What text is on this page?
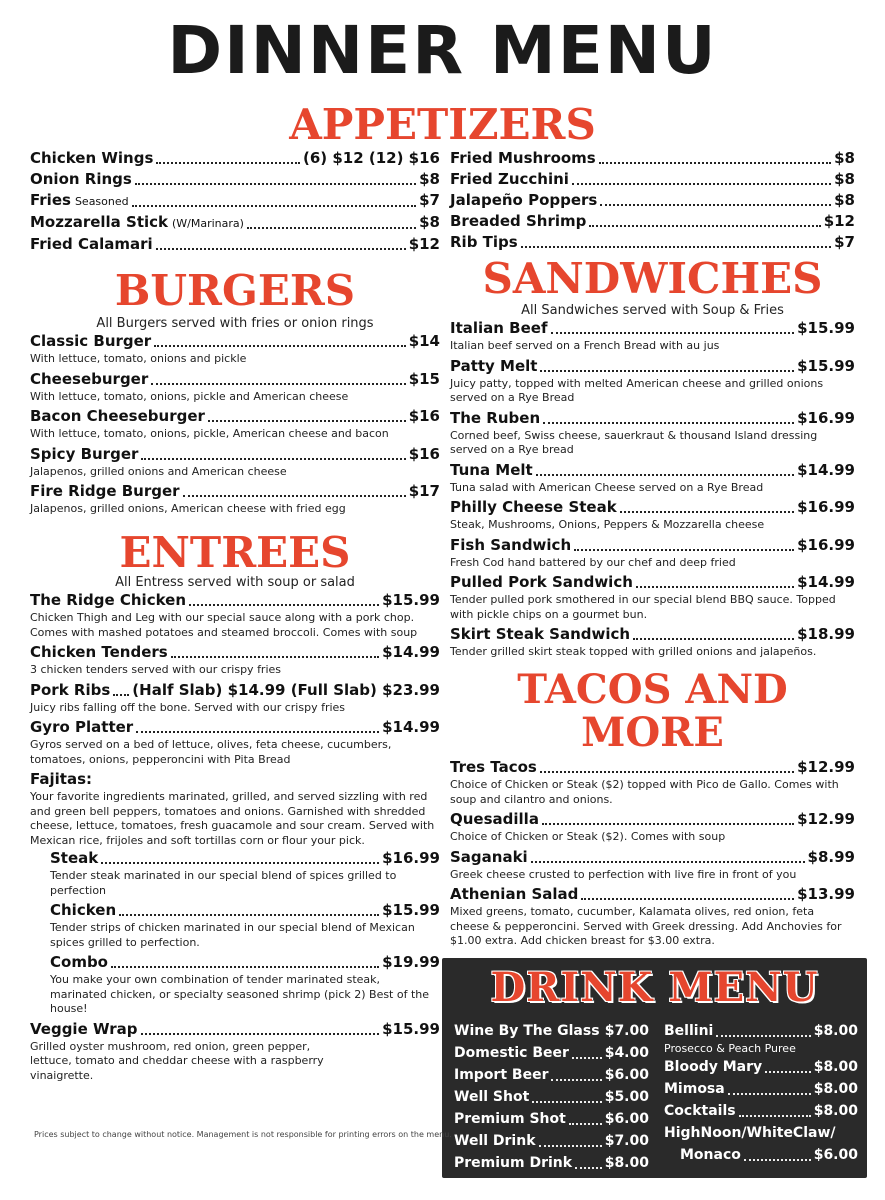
DINNER MENU
APPETIZERS
Chicken Wings	(6) $12 (12) $16
Onion Rings	$8
Fries Seasoned	$7
Mozzarella Stick (W/Marinara)	$8
Fried Calamari	$12
Fried Mushrooms	$8
Fried Zucchini	$8
Jalapeño Poppers	$8
Breaded Shrimp	$12
Rib Tips	$7
BURGERS
All Burgers served with fries or onion rings
Classic Burger	$14
With lettuce, tomato, onions and pickle
Cheeseburger	$15
With lettuce, tomato, onions, pickle and American cheese
Bacon Cheeseburger	$16
With lettuce, tomato, onions, pickle, American cheese and bacon
Spicy Burger	$16
Jalapenos, grilled onions and American cheese
Fire Ridge Burger	$17
Jalapenos, grilled onions, American cheese with fried egg
ENTREES
All Entress served with soup or salad
The Ridge Chicken	$15.99
Chicken Thigh and Leg with our special sauce along with a pork chop. Comes with mashed potatoes and steamed broccoli. Comes with soup
Chicken Tenders	$14.99
3 chicken tenders served with our crispy fries
Pork Ribs (Half Slab) $14.99 (Full Slab) $23.99
Juicy ribs falling off the bone. Served with our crispy fries
Gyro Platter	$14.99
Gyros served on a bed of lettuce, olives, feta cheese, cucumbers, tomatoes, onions, pepperoncini with Pita Bread
Fajitas:
Your favorite ingredients marinated, grilled, and served sizzling with red and green bell peppers, tomatoes and onions. Garnished with shredded cheese, lettuce, tomatoes, fresh guacamole and sour cream. Served with Mexican rice, frijoles and soft tortillas corn or flour your pick.
Steak	$16.99
Tender steak marinated in our special blend of spices grilled to perfection
Chicken	$15.99
Tender strips of chicken marinated in our special blend of Mexican spices grilled to perfection.
Combo	$19.99
You make your own combination of tender marinated steak, marinated chicken, or specialty seasoned shrimp (pick 2) Best of the house!
Veggie Wrap	$15.99
Grilled oyster mushroom, red onion, green pepper, lettuce, tomato and cheddar cheese with a raspberry vinaigrette.
SANDWICHES
All Sandwiches served with Soup & Fries
Italian Beef	$15.99
Italian beef served on a French Bread with au jus
Patty Melt	$15.99
Juicy patty, topped with melted American cheese and grilled onions served on a Rye Bread
The Ruben	$16.99
Corned beef, Swiss cheese, sauerkraut & thousand Island dressing served on a Rye bread
Tuna Melt	$14.99
Tuna salad with American Cheese served on a Rye Bread
Philly Cheese Steak	$16.99
Steak, Mushrooms, Onions, Peppers & Mozzarella cheese
Fish Sandwich	$16.99
Fresh Cod hand battered by our chef and deep fried
Pulled Pork Sandwich	$14.99
Tender pulled pork smothered in our special blend BBQ sauce. Topped with pickle chips on a gourmet bun.
Skirt Steak Sandwich	$18.99
Tender grilled skirt steak topped with grilled onions and jalapeños.
TACOS AND
MORE
Tres Tacos	$12.99
Choice of Chicken or Steak ($2) topped with Pico de Gallo. Comes with soup and cilantro and onions.
Quesadilla	$12.99
Choice of Chicken or Steak ($2). Comes with soup
Saganaki	$8.99
Greek cheese crusted to perfection with live fire in front of you
Athenian Salad	$13.99
Mixed greens, tomato, cucumber, Kalamata olives, red onion, feta cheese & pepperoncini. Served with Greek dressing. Add Anchovies for $1.00 extra. Add chicken breast for $3.00 extra.
DRINK MENU
Wine By The Glass $7.00
Domestic Beer	$4.00
Import Beer	$6.00
Well Shot	$5.00
Premium Shot	$6.00
Well Drink	$7.00
Premium Drink $8.00
Bellini	$8.00
Prosecco & Peach Puree
Bloody Mary	$8.00
Mimosa	$8.00
Cocktails	$8.00
HighNoon/WhiteClaw/
Monaco	$6.00
Prices subject to change without notice. Management is not responsible for printing errors on the menu.
